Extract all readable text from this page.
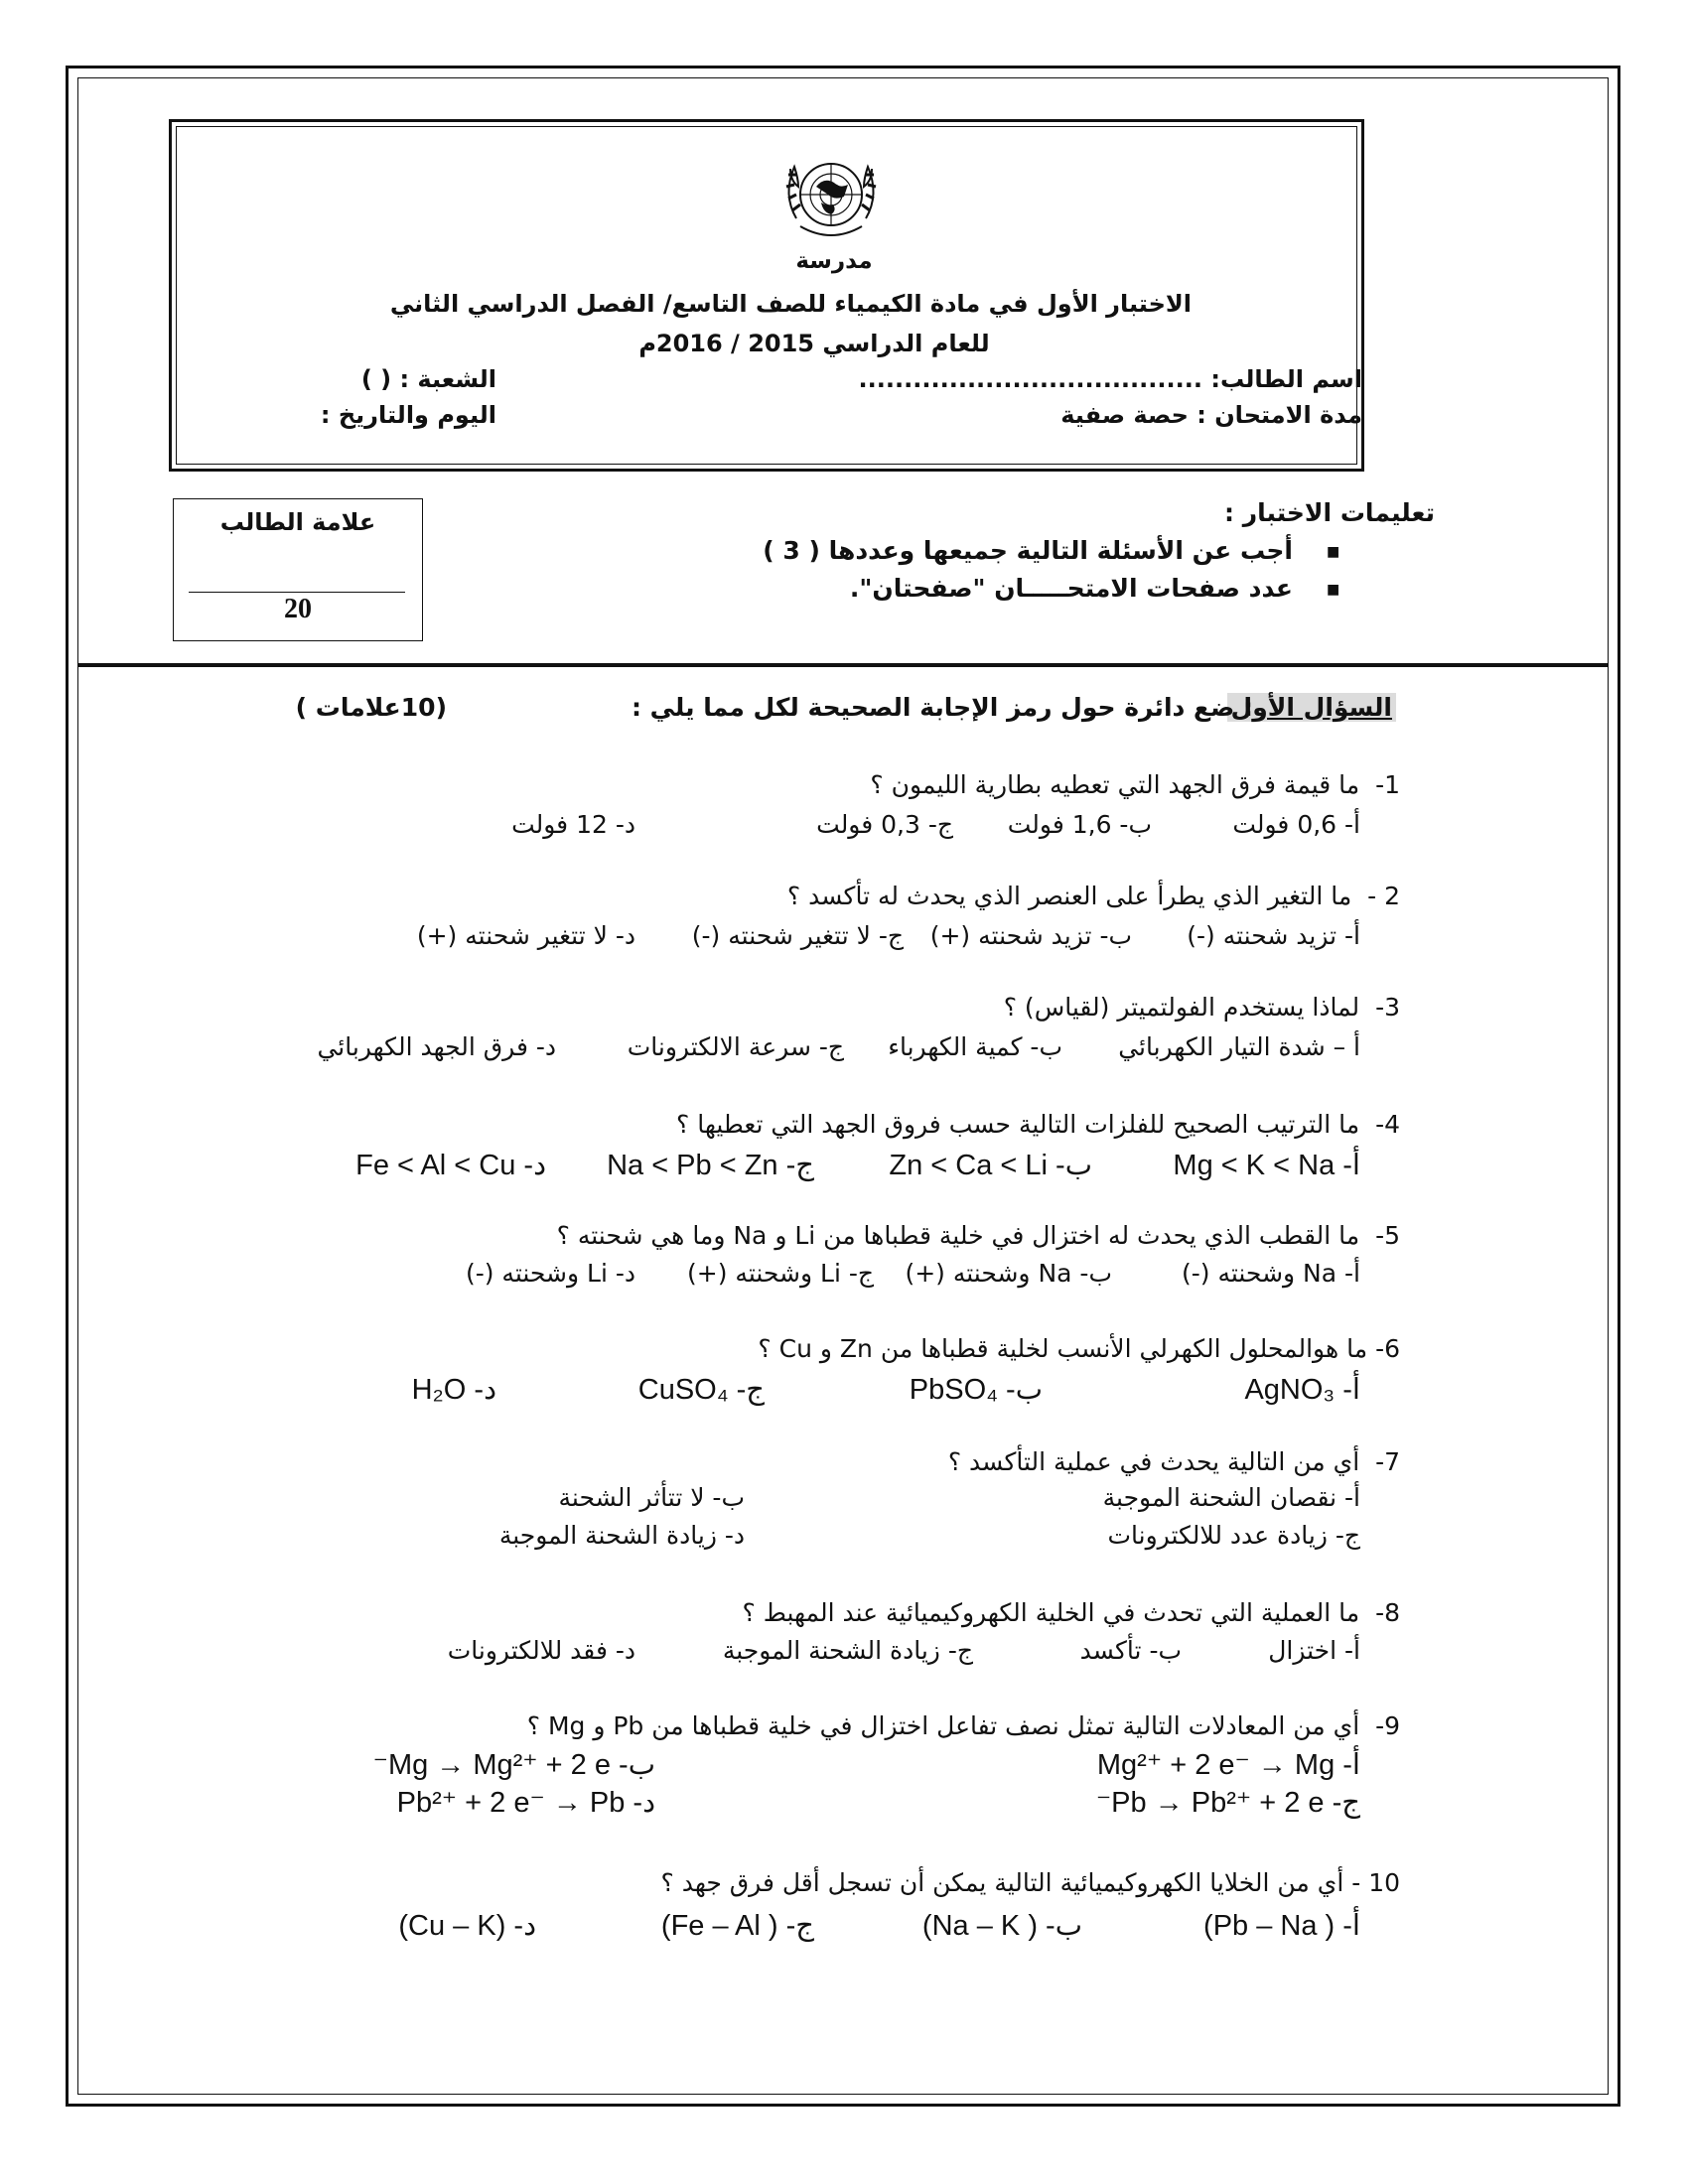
مدرسة
الاختبار الأول في مادة الكيمياء للصف التاسع/ الفصل الدراسي الثاني
للعام الدراسي 2015 / 2016م
اسم الطالب: ......................................
الشعبة : ( )
مدة الامتحان : حصة صفية
اليوم والتاريخ :
علامة الطالب
20
تعليمات الاختبار :
أجب عن الأسئلة التالية جميعها وعددها ( 3 ) ■
عدد صفحات الامتحـــــان "صفحتان". ■
السؤال الأول
: ضع دائرة حول رمز الإجابة الصحيحة لكل مما يلي :
(10علامات )
1-  ما قيمة فرق الجهد التي تعطيه بطارية الليمون ؟
أ- 0,6 فولت
ب- 1,6 فولت
ج- 0,3 فولت
د- 12 فولت
2 -  ما التغير الذي يطرأ على العنصر الذي يحدث له تأكسد ؟
أ- تزيد شحنته (-)
ب- تزيد شحنته (+)
ج- لا تتغير شحنته (-)
د- لا تتغير شحنته (+)
3-  لماذا يستخدم الفولتميتر (لقياس) ؟
أ – شدة التيار الكهربائي
ب- كمية الكهرباء
ج- سرعة الالكترونات
د- فرق الجهد الكهربائي
4-  ما الترتيب الصحيح للفلزات التالية حسب فروق الجهد التي تعطيها ؟
أ- Mg < K < Na
ب- Zn < Ca < Li
ج- Na < Pb < Zn
د- Fe < Al < Cu
5-  ما القطب الذي يحدث له اختزال في خلية قطباها من Li و Na وما هي شحنته ؟
أ- Na وشحنته (-)
ب- Na وشحنته (+)
ج- Li وشحنته (+)
د- Li وشحنته (-)
6- ما هوالمحلول الكهرلي الأنسب لخلية قطباها من Zn و Cu ؟
أ- AgNO₃
ب- PbSO₄
ج- CuSO₄
د- H₂O
7-  أي من التالية يحدث في عملية التأكسد ؟
أ- نقصان الشحنة الموجبة
ب- لا تتأثر الشحنة
ج- زيادة عدد للالكترونات
د- زيادة الشحنة الموجبة
8-  ما العملية التي تحدث في الخلية الكهروكيميائية عند المهبط ؟
أ- اختزال
ب- تأكسد
ج- زيادة الشحنة الموجبة
د- فقد للالكترونات
9-  أي من المعادلات التالية تمثل نصف تفاعل اختزال في خلية قطباها من Pb و Mg ؟
أ- Mg²⁺ + 2 e⁻ → Mg
ب- Mg → Mg²⁺ + 2 e⁻
ج- Pb → Pb²⁺ + 2 e⁻
د- Pb²⁺ + 2 e⁻ → Pb
10 - أي من الخلايا الكهروكيميائية التالية يمكن أن تسجل أقل فرق جهد ؟
أ- ( Pb – Na)
ب- ( Na – K)
ج- ( Fe – Al)
د- (Cu – K)
